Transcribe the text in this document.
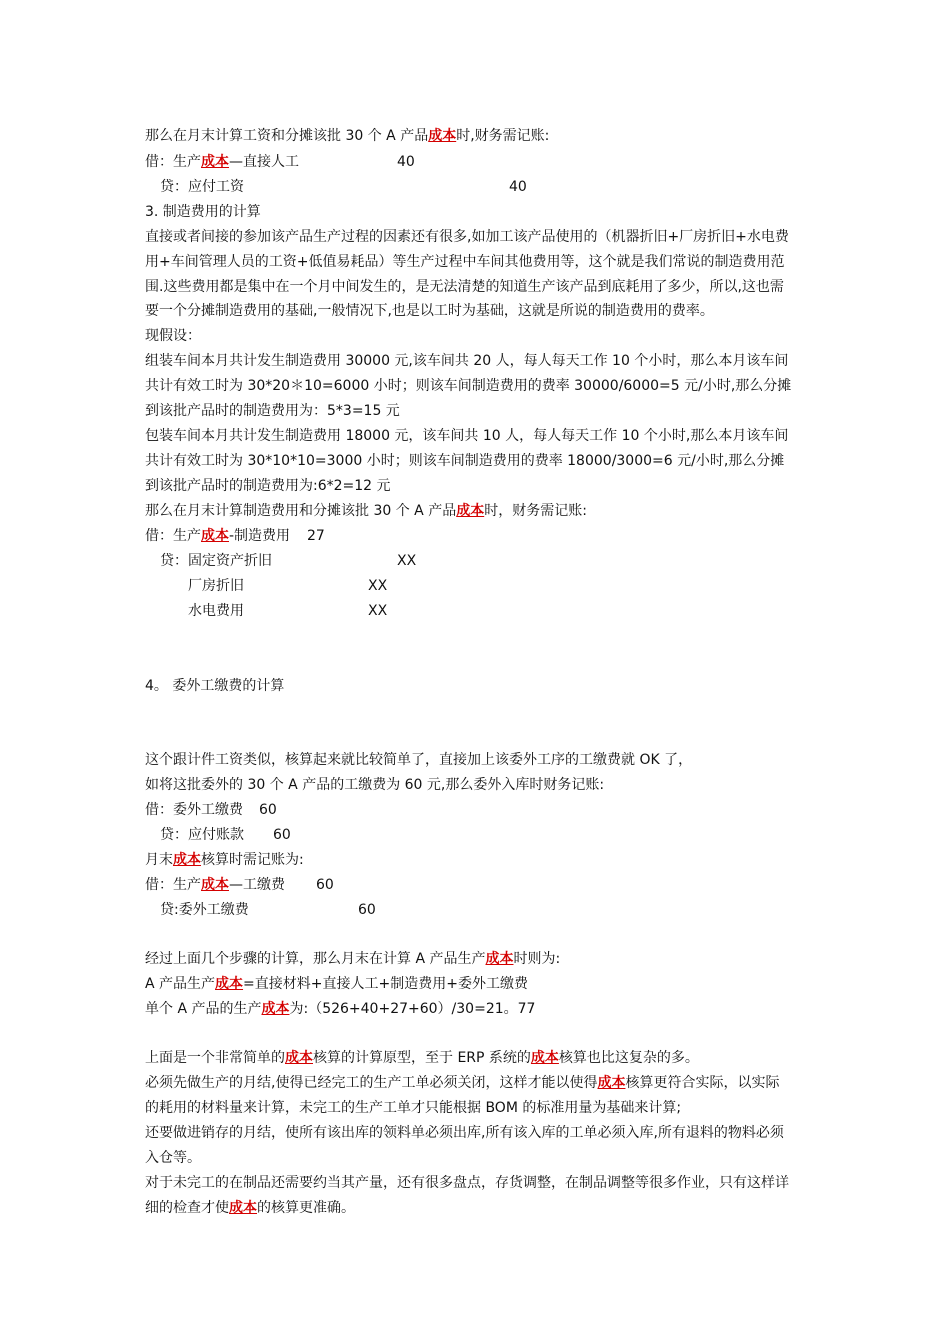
那么在月末计算工资和分摊该批 30 个 A 产品成本时,财务需记账:
借：生产成本—直接人工	40
贷：应付工资	40
3. 制造费用的计算
直接或者间接的参加该产品生产过程的因素还有很多,如加工该产品使用的（机器折旧+厂房折旧+水电费
用+车间管理人员的工资+低值易耗品）等生产过程中车间其他费用等，这个就是我们常说的制造费用范
围.这些费用都是集中在一个月中间发生的，是无法清楚的知道生产该产品到底耗用了多少，所以,这也需
要一个分摊制造费用的基础,一般情况下,也是以工时为基础，这就是所说的制造费用的费率。
现假设：
组装车间本月共计发生制造费用 30000 元,该车间共 20 人，每人每天工作 10 个小时，那么本月该车间
共计有效工时为 30*20＊10=6000 小时；则该车间制造费用的费率 30000/6000=5 元/小时,那么分摊
到该批产品时的制造费用为：5*3=15 元
包装车间本月共计发生制造费用 18000 元，该车间共 10 人，每人每天工作 10 个小时,那么本月该车间
共计有效工时为 30*10*10=3000 小时；则该车间制造费用的费率 18000/3000=6 元/小时,那么分摊
到该批产品时的制造费用为:6*2=12 元
那么在月末计算制造费用和分摊该批 30 个 A 产品成本时，财务需记账:
借：生产成本-制造费用 27
贷：固定资产折旧	XX
厂房折旧	XX
水电费用	XX
4。 委外工缴费的计算
这个跟计件工资类似，核算起来就比较简单了，直接加上该委外工序的工缴费就 OK 了，
如将这批委外的 30 个 A 产品的工缴费为 60 元,那么委外入库时财务记账:
借：委外工缴费 60
贷：应付账款 60
月末成本核算时需记账为:
借：生产成本—工缴费 60
贷:委外工缴费	60
经过上面几个步骤的计算，那么月末在计算 A 产品生产成本时则为:
A 产品生产成本=直接材料+直接人工+制造费用+委外工缴费
单个 A 产品的生产成本为:（526+40+27+60）/30=21。77
上面是一个非常简单的成本核算的计算原型，至于 ERP 系统的成本核算也比这复杂的多。
必须先做生产的月结,使得已经完工的生产工单必须关闭，这样才能以使得成本核算更符合实际，以实际
的耗用的材料量来计算，未完工的生产工单才只能根据 BOM 的标准用量为基础来计算;
还要做进销存的月结，使所有该出库的领料单必须出库,所有该入库的工单必须入库,所有退料的物料必须
入仓等。
对于未完工的在制品还需要约当其产量，还有很多盘点，存货调整，在制品调整等很多作业，只有这样详
细的检查才使成本的核算更准确。
